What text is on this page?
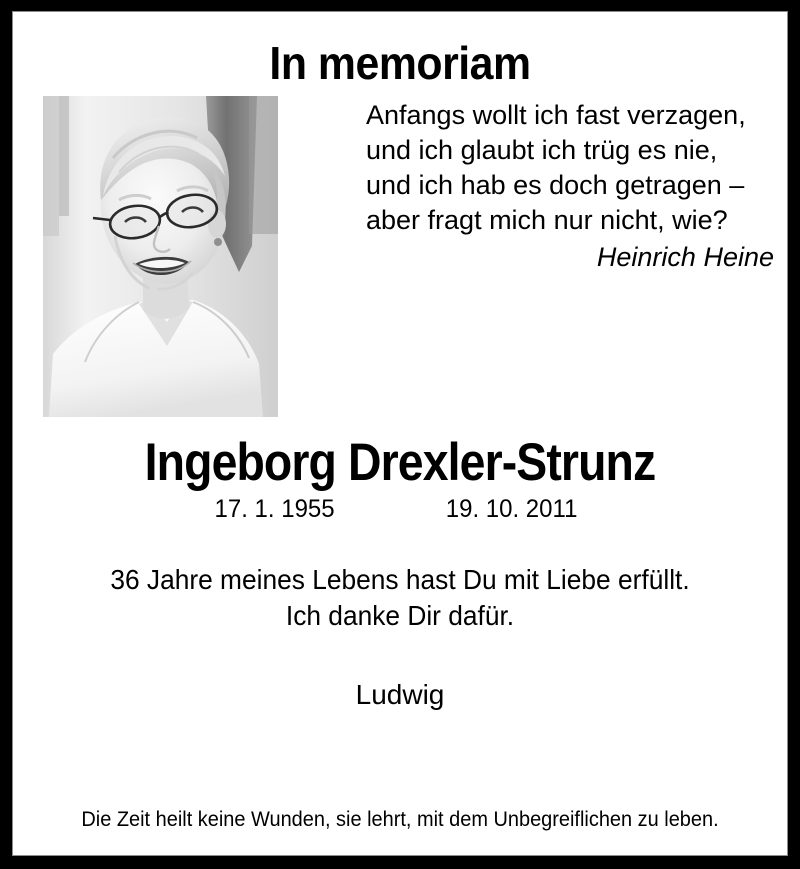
In memoriam
Anfangs wollt ich fast verzagen,
und ich glaubt ich trüg es nie,
und ich hab es doch getragen –
aber fragt mich nur nicht, wie?
Heinrich Heine
Ingeborg Drexler-Strunz
17. 1. 1955	19. 10. 2011
36 Jahre meines Lebens hast Du mit Liebe erfüllt.
Ich danke Dir dafür.
Ludwig
Die Zeit heilt keine Wunden, sie lehrt, mit dem Unbegreiflichen zu leben.
